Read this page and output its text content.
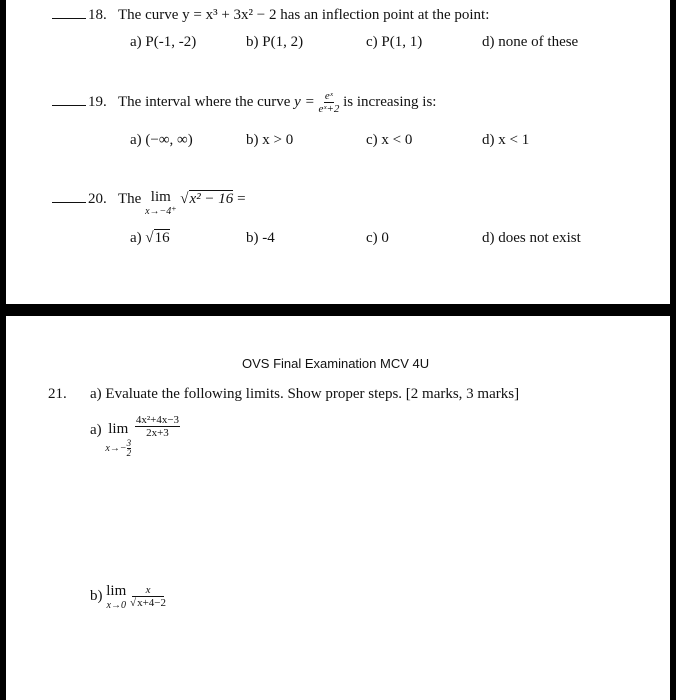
18. The curve y = x³ + 3x² − 2 has an inflection point at the point:
a) P(-1, -2)	b) P(1, 2)	c) P(1, 1)	d) none of these
19. The interval where the curve $y = \frac{\text{eˣ}}{\text{eˣ+2}}$ is increasing is:
a) (−∞, ∞)	b) x > 0	c) x < 0	d) x < 1
20. The lim
x→−4⁺
√x² − 16 =
a) √16	b) -4	c) 0	d) does not exist
OVS Final Examination MCV 4U
21. a) Evaluate the following limits. Show proper steps. [2 marks, 3 marks]
a) lim
$x\to- \frac{3}{2}$

$\frac{\text{4x²+4x−3}}{2x+3}$
b) lim
x→0
$\frac{x}{√x+4-2}$
